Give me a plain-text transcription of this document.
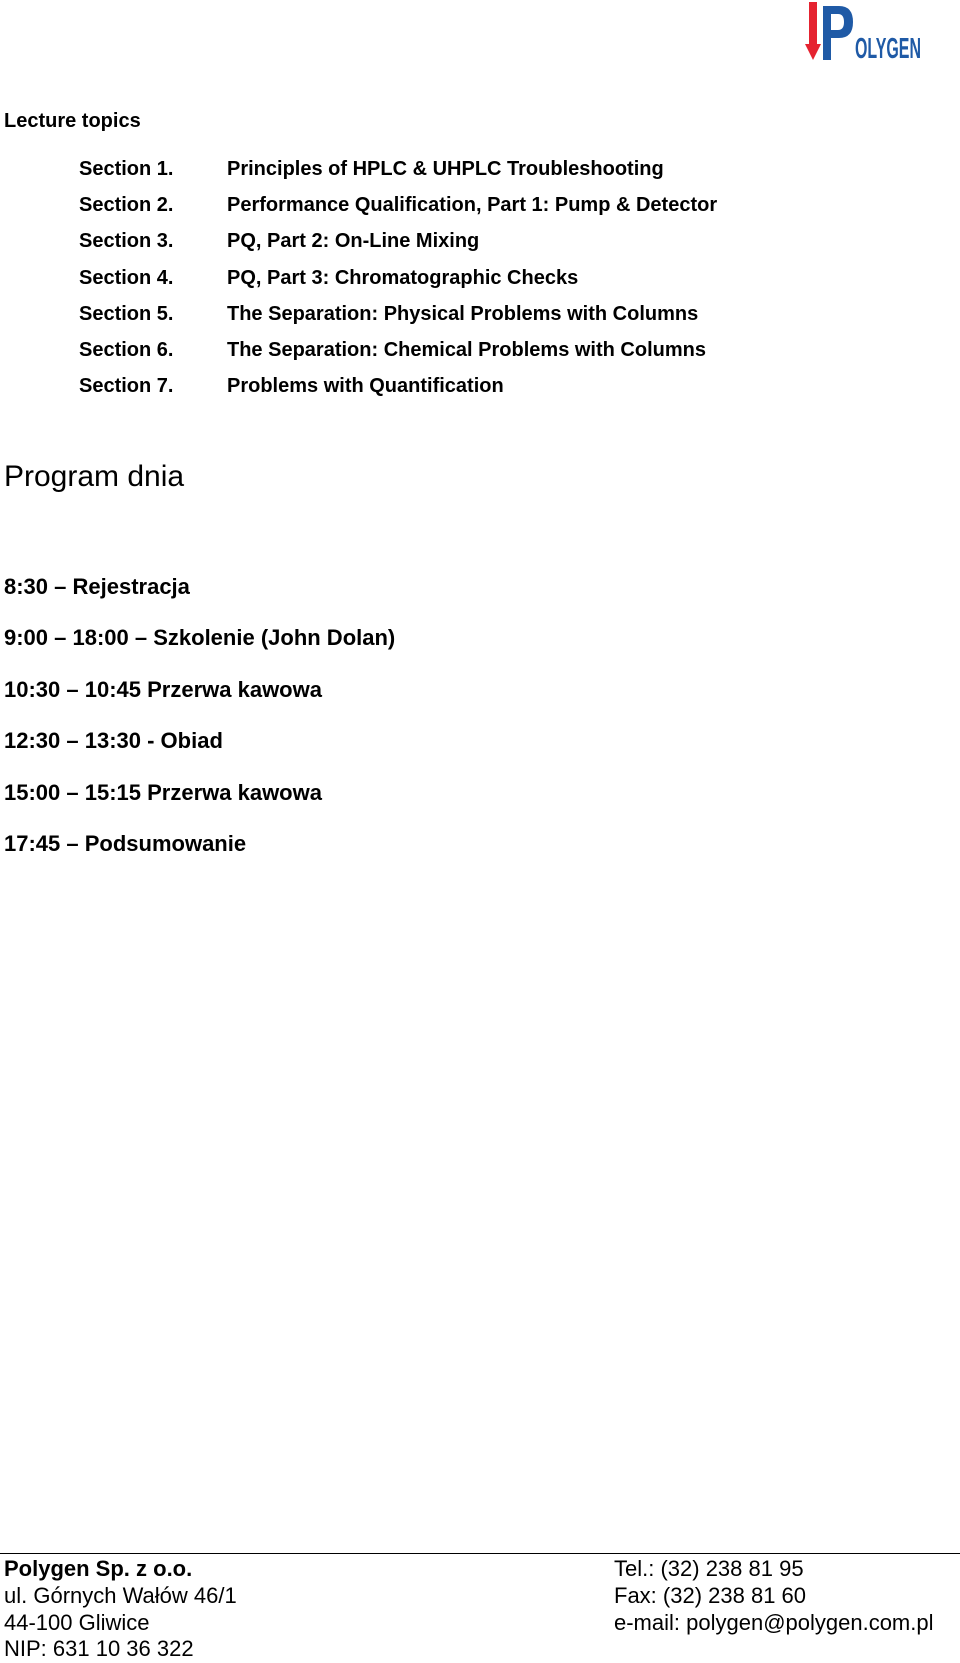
OLYGEN
Lecture topics
Section 1.	Principles of HPLC & UHPLC Troubleshooting
Section 2.	Performance Qualification, Part 1: Pump & Detector
Section 3.	PQ, Part 2: On-Line Mixing
Section 4.	PQ, Part 3: Chromatographic Checks
Section 5.	The Separation: Physical Problems with Columns
Section 6.	The Separation: Chemical Problems with Columns
Section 7.	Problems with Quantification
Program dnia
8:30 – Rejestracja
9:00 – 18:00 – Szkolenie (John Dolan)
10:30 – 10:45 Przerwa kawowa
12:30 – 13:30 - Obiad
15:00 – 15:15 Przerwa kawowa
17:45 – Podsumowanie
Polygen Sp. z o.o.
ul. Górnych Wałów 46/1
44-100 Gliwice
NIP: 631 10 36 322
Tel.: (32) 238 81 95
Fax: (32) 238 81 60
e-mail: polygen@polygen.com.pl
